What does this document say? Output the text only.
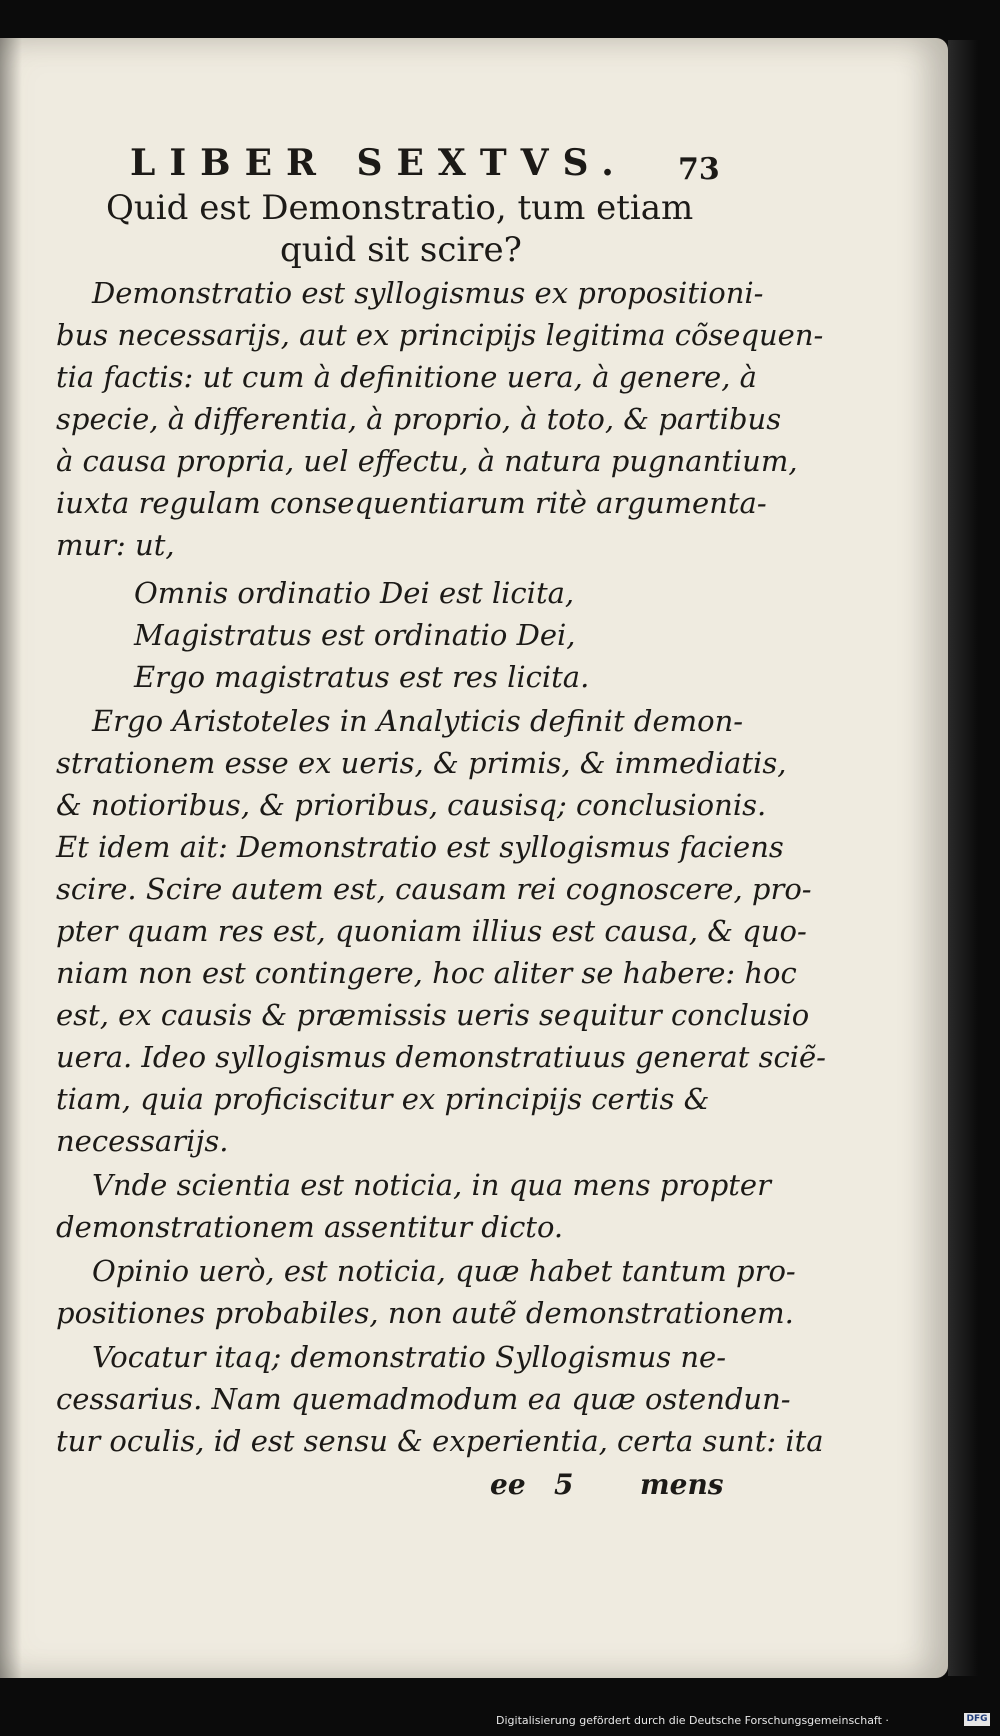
LIBER SEXTVS. 73
Quid est Demonstratio, tum etiam
quid sit scire?
Demonstratio est syllogismus ex propositioni-
bus necessarijs, aut ex principijs legitima cõsequen-
tia factis: ut cum à definitione uera, à genere, à
specie, à differentia, à proprio, à toto, & partibus
à causa propria, uel effectu, à natura pugnantium,
iuxta regulam consequentiarum ritè argumenta-
mur: ut,
Omnis ordinatio Dei est licita,
Magistratus est ordinatio Dei,
Ergo magistratus est res licita.
Ergo Aristoteles in Analyticis definit demon-
strationem esse ex ueris, & primis, & immediatis,
& notioribus, & prioribus, causisq; conclusionis.
Et idem ait: Demonstratio est syllogismus faciens
scire. Scire autem est, causam rei cognoscere, pro-
pter quam res est, quoniam illius est causa, & quo-
niam non est contingere, hoc aliter se habere: hoc
est, ex causis & præmissis ueris sequitur conclusio
uera. Ideo syllogismus demonstratiuus generat sciẽ-
tiam, quia proficiscitur ex principijs certis &
necessarijs.
Vnde scientia est noticia, in qua mens propter
demonstrationem assentitur dicto.
Opinio uerò, est noticia, quæ habet tantum pro-
positiones probabiles, non autẽ demonstrationem.
Vocatur itaq; demonstratio Syllogismus ne-
cessarius. Nam quemadmodum ea quæ ostendun-
tur oculis, id est sensu & experientia, certa sunt: ita
ee 5 mens
Digitalisierung gefördert durch die Deutsche Forschungsgemeinschaft ·	DFG
